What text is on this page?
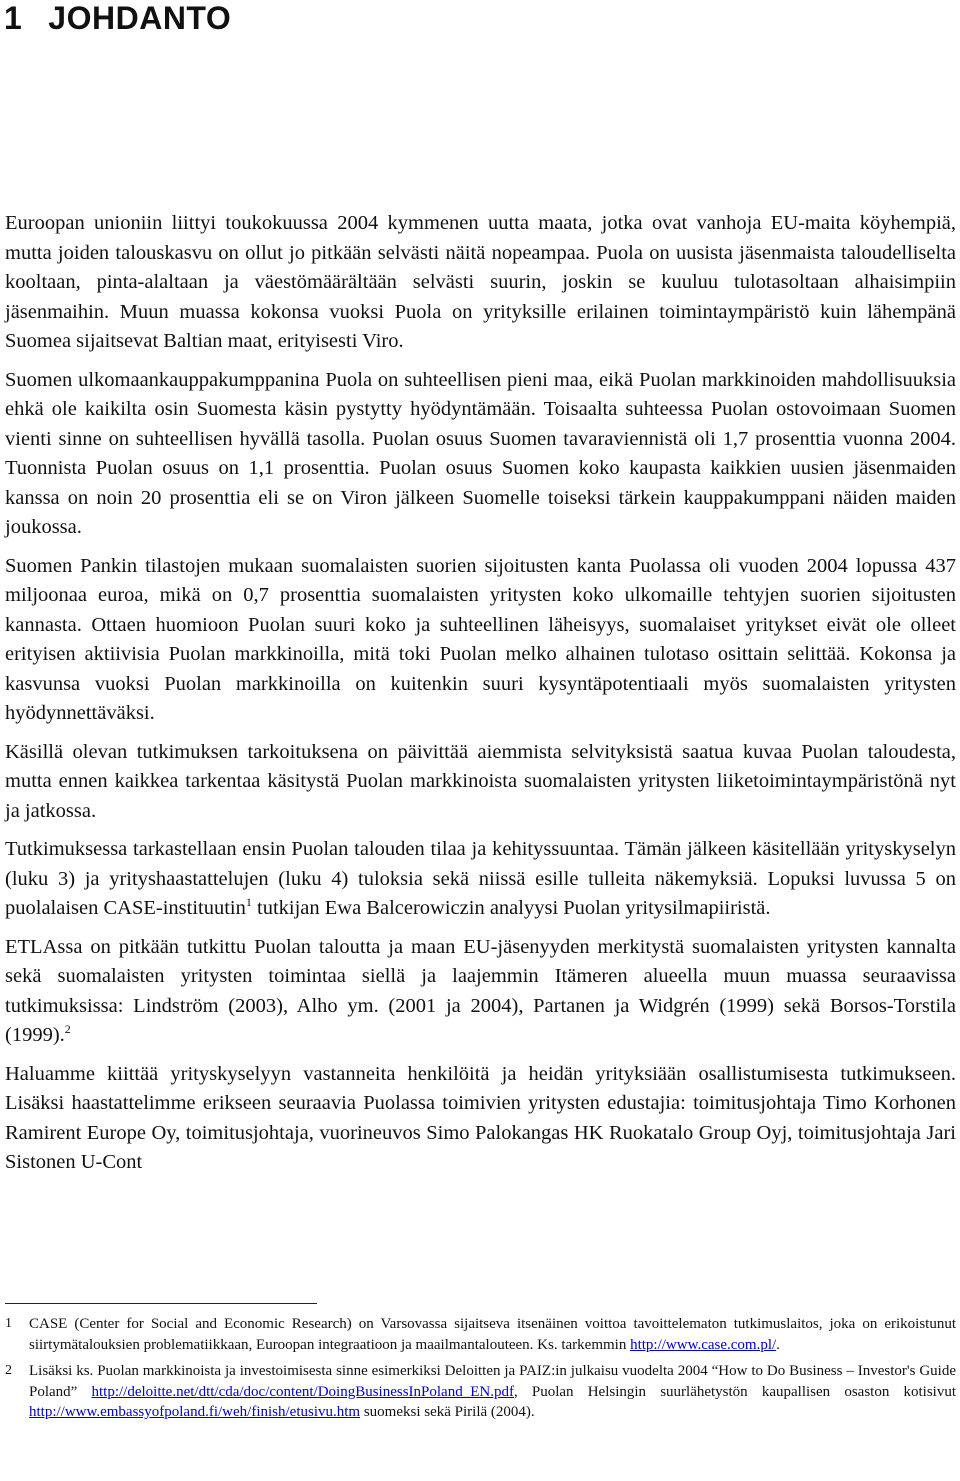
1 JOHDANTO

Euroopan unioniin liittyi toukokuussa 2004 kymmenen uutta maata, jotka ovat vanhoja EU-maita köyhempiä, mutta joiden talouskasvu on ollut jo pitkään selvästi näitä nopeampaa. Puola on uusista jäsenmaista taloudelliselta kooltaan, pinta-alaltaan ja väestömäärältään selvästi suurin, joskin se kuuluu tulotasoltaan alhaisimpiin jäsenmaihin. Muun muassa kokonsa vuoksi Puola on yrityksille erilainen toimintaympäristö kuin lähempänä Suomea sijaitsevat Baltian maat, erityisesti Viro.

Suomen ulkomaankauppakumppanina Puola on suhteellisen pieni maa, eikä Puolan markkinoiden mahdollisuuksia ehkä ole kaikilta osin Suomesta käsin pystytty hyödyntämään. Toisaalta suhteessa Puolan ostovoimaan Suomen vienti sinne on suhteellisen hyvällä tasolla. Puolan osuus Suomen tavaraviennistä oli 1,7 prosenttia vuonna 2004. Tuonnista Puolan osuus on 1,1 prosenttia. Puolan osuus Suomen koko kaupasta kaikkien uusien jäsenmaiden kanssa on noin 20 prosenttia eli se on Viron jälkeen Suomelle toiseksi tärkein kauppakumppani näiden maiden joukossa.

Suomen Pankin tilastojen mukaan suomalaisten suorien sijoitusten kanta Puolassa oli vuoden 2004 lopussa 437 miljoonaa euroa, mikä on 0,7 prosenttia suomalaisten yritysten koko ulkomaille tehtyjen suorien sijoitusten kannasta. Ottaen huomioon Puolan suuri koko ja suhteellinen läheisyys, suomalaiset yritykset eivät ole olleet erityisen aktiivisia Puolan markkinoilla, mitä toki Puolan melko alhainen tulotaso osittain selittää. Kokonsa ja kasvunsa vuoksi Puolan markkinoilla on kuitenkin suuri kysyntäpotentiaali myös suomalaisten yritysten hyödynnettäväksi.

Käsillä olevan tutkimuksen tarkoituksena on päivittää aiemmista selvityksistä saatua kuvaa Puolan taloudesta, mutta ennen kaikkea tarkentaa käsitystä Puolan markkinoista suomalaisten yritysten liiketoimintaympäristönä nyt ja jatkossa.

Tutkimuksessa tarkastellaan ensin Puolan talouden tilaa ja kehityssuuntaa. Tämän jälkeen käsitellään yrityskyselyn (luku 3) ja yrityshaastattelujen (luku 4) tuloksia sekä niissä esille tulleita näkemyksiä. Lopuksi luvussa 5 on puolalaisen CASE-instituutin$^1$ tutkijan Ewa Balcerowiczin analyysi Puolan yritysilmapiiristä.

ETLAssa on pitkään tutkittu Puolan taloutta ja maan EU-jäsenyyden merkitystä suomalaisten yritysten kannalta sekä suomalaisten yritysten toimintaa siellä ja laajemmin Itämeren alueella muun muassa seuraavissa tutkimuksissa: Lindström (2003), Alho ym. (2001 ja 2004), Partanen ja Widgrén (1999) sekä Borsos-Torstila (1999).$^2$

Haluamme kiittää yrityskyselyyn vastanneita henkilöitä ja heidän yrityksiään osallistumisesta tutkimukseen. Lisäksi haastattelimme erikseen seuraavia Puolassa toimivien yritysten edustajia: toimitusjohtaja Timo Korhonen Ramirent Europe Oy, toimitusjohtaja, vuorineuvos Simo Palokangas HK Ruokatalo Group Oyj, toimitusjohtaja Jari Sistonen U-Cont

1	CASE (Center for Social and Economic Research) on Varsovassa sijaitseva itsenäinen voittoa tavoittelematon tutkimuslaitos, joka on erikoistunut siirtymätalouksien problematiikkaan, Euroopan integraatioon ja maailmantalouteen. Ks. tarkemmin http://www.case.com.pl/.
2	Lisäksi ks. Puolan markkinoista ja investoimisesta sinne esimerkiksi Deloitten ja PAIZ:in julkaisu vuodelta 2004 “How to Do Business – Investor's Guide Poland” http://deloitte.net/dtt/cda/doc/content/DoingBusinessInPoland_EN.pdf, Puolan Helsingin suurlähetystön kaupallisen osaston kotisivut http://www.embassyofpoland.fi/weh/finish/etusivu.htm suomeksi sekä Pirilä (2004).
